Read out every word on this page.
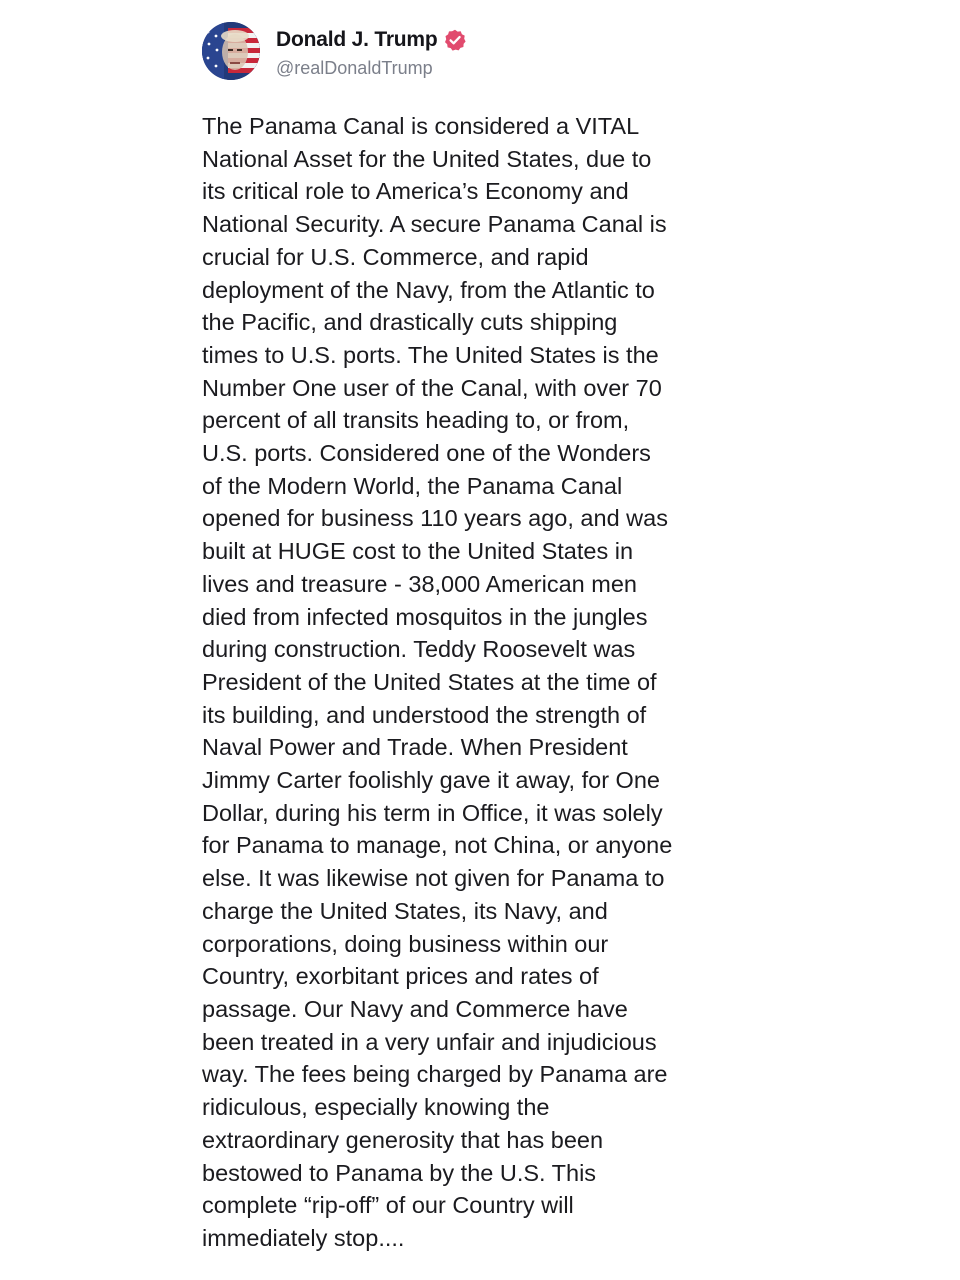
Donald J. Trump
@realDonaldTrump
The Panama Canal is considered a VITAL
National Asset for the United States, due to
its critical role to America’s Economy and
National Security. A secure Panama Canal is
crucial for U.S. Commerce, and rapid
deployment of the Navy, from the Atlantic to
the Pacific, and drastically cuts shipping
times to U.S. ports. The United States is the
Number One user of the Canal, with over 70
percent of all transits heading to, or from,
U.S. ports. Considered one of the Wonders
of the Modern World, the Panama Canal
opened for business 110 years ago, and was
built at HUGE cost to the United States in
lives and treasure - 38,000 American men
died from infected mosquitos in the jungles
during construction. Teddy Roosevelt was
President of the United States at the time of
its building, and understood the strength of
Naval Power and Trade. When President
Jimmy Carter foolishly gave it away, for One
Dollar, during his term in Office, it was solely
for Panama to manage, not China, or anyone
else. It was likewise not given for Panama to
charge the United States, its Navy, and
corporations, doing business within our
Country, exorbitant prices and rates of
passage. Our Navy and Commerce have
been treated in a very unfair and injudicious
way. The fees being charged by Panama are
ridiculous, especially knowing the
extraordinary generosity that has been
bestowed to Panama by the U.S. This
complete “rip-off” of our Country will
immediately stop....
